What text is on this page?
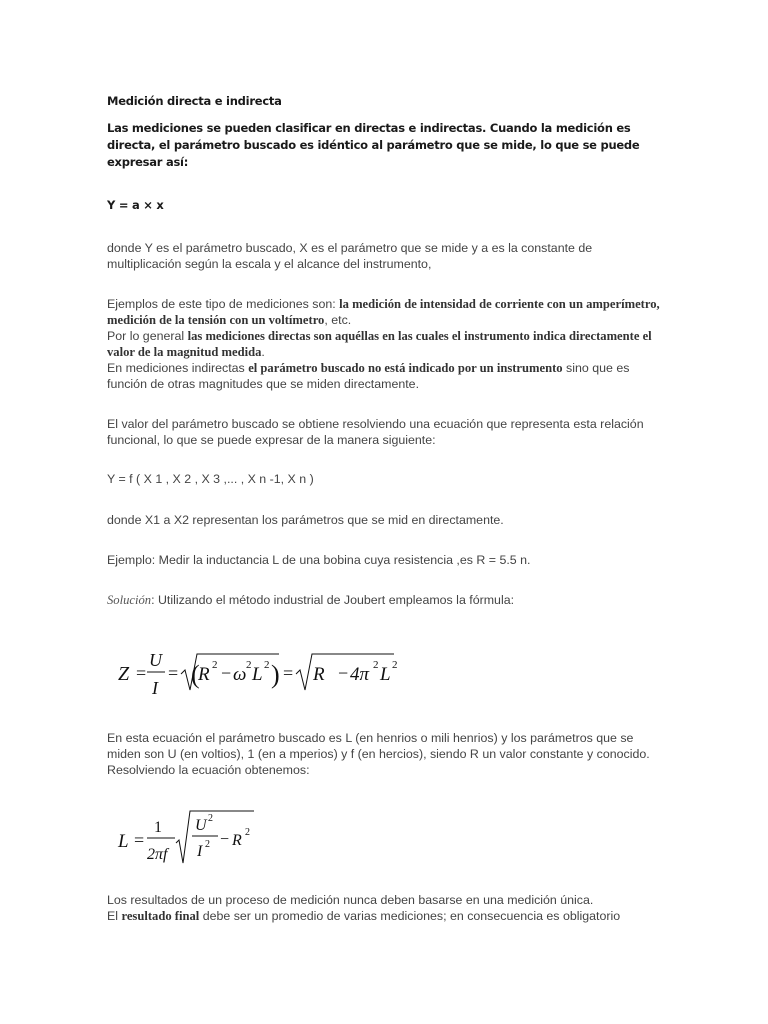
Medición directa e indirecta

Las mediciones se pueden clasificar en directas e indirectas. Cuando la medición es directa, el parámetro buscado es idéntico al parámetro que se mide, lo que se puede expresar así:

Y = a × x

donde Y es el parámetro buscado, X es el parámetro que se mide y a es la constante de multiplicación según la escala y el alcance del instrumento,

Ejemplos de este tipo de mediciones son: la medición de intensidad de corriente con un amperímetro, medición de la tensión con un voltímetro, etc.

Por lo general las mediciones directas son aquéllas en las cuales el instrumento indica directamente el valor de la magnitud medida.

En mediciones indirectas el parámetro buscado no está indicado por un instrumento sino que es función de otras magnitudes que se miden directamente.

El valor del parámetro buscado se obtiene resolviendo una ecuación que representa esta relación funcional, lo que se puede expresar de la manera siguiente:

Y = f ( X 1 , X 2 , X 3 ,... , X n -1, X n )

donde X1 a X2 representan los parámetros que se mid en directamente.

Ejemplo: Medir la inductancia L de una bobina cuya resistencia ,es R = 5.5 n.

Solución: Utilizando el método industrial de Joubert empleamos la fórmula:

En esta ecuación el parámetro buscado es L (en henrios o mili henrios) y los parámetros que se miden son U (en voltios), 1 (en a mperios) y f (en hercios), siendo R un valor constante y conocido. Resolviendo la ecuación obtenemos:

Los resultados de un proceso de medición nunca deben basarse en una medición única.

El resultado final debe ser un promedio de varias mediciones; en consecuencia es obligatorio

Z =
U
I
= (
R 2 − ω 2 L 2 ) = R − 4π 2 L 2
L =
1
2πf
U 2
I 2 − R 2
